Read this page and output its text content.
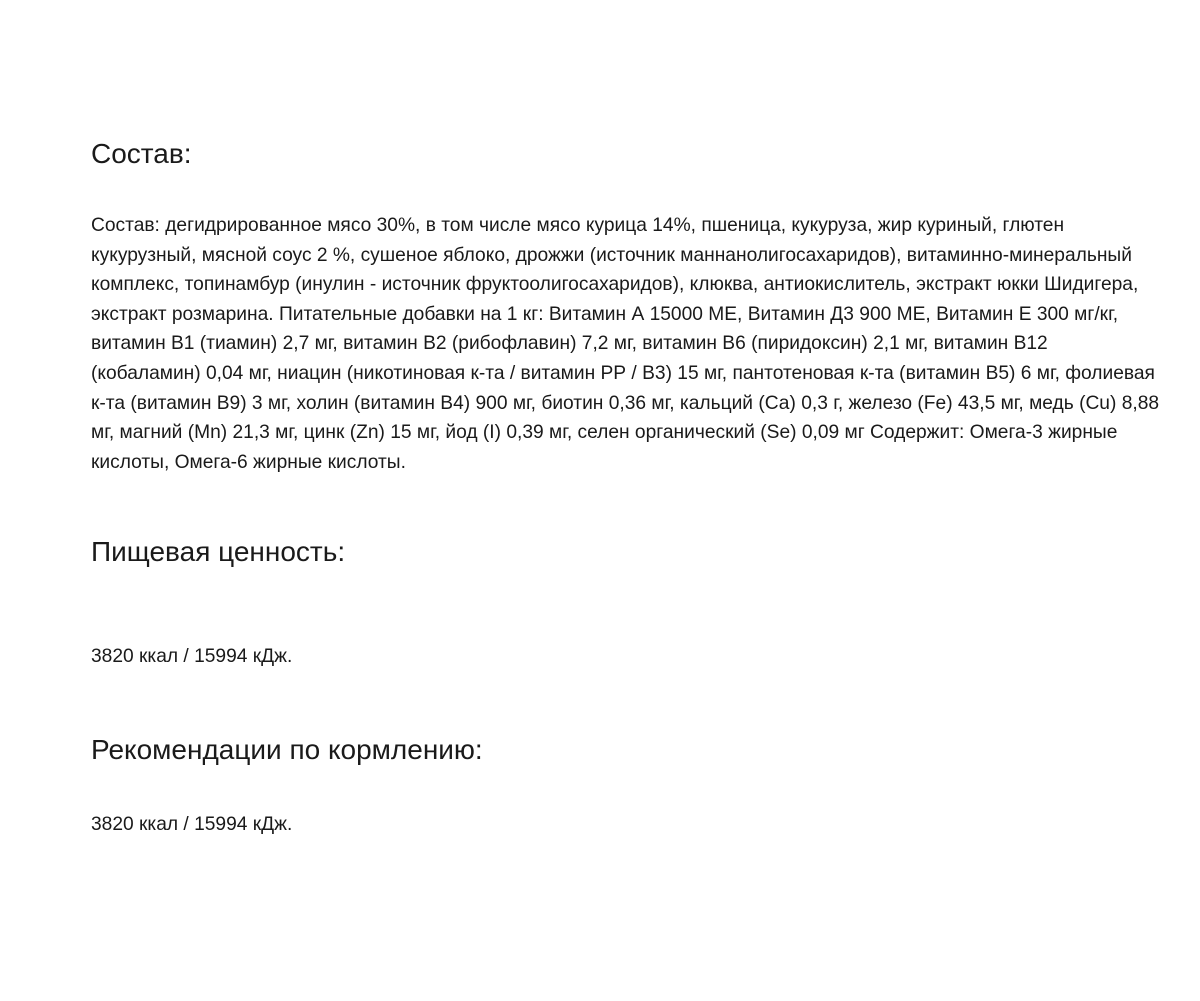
Состав:

Состав: дегидрированное мясо 30%, в том числе мясо курица 14%, пшеница, кукуруза, жир куриный, глютен кукурузный, мясной соус 2 %, сушеное яблоко, дрожжи (источник маннанолигосахаридов), витаминно-минеральный комплекс, топинамбур (инулин - источник фруктоолигосахаридов), клюква, антиокислитель, экстракт юкки Шидигера, экстракт розмарина. Питательные добавки на 1 кг: Витамин А 15000 МЕ, Витамин Д3 900 МЕ, Витамин Е 300 мг/кг, витамин В1 (тиамин) 2,7 мг, витамин В2 (рибофлавин) 7,2 мг, витамин В6 (пиридоксин) 2,1 мг, витамин В12 (кобаламин) 0,04 мг, ниацин (никотиновая к-та / витамин РР / В3) 15 мг, пантотеновая к-та (витамин В5) 6 мг, фолиевая к-та (витамин В9) 3 мг, холин (витамин В4) 900 мг, биотин 0,36 мг, кальций (Са) 0,3 г, железо (Fe) 43,5 мг, медь (Cu) 8,88 мг, магний (Mn) 21,3 мг, цинк (Zn) 15 мг, йод (I) 0,39 мг, селен органический (Se) 0,09 мг Содержит: Омега-3 жирные кислоты, Омега-6 жирные кислоты.

Пищевая ценность:

3820 ккал / 15994 кДж.

Рекомендации по кормлению:

3820 ккал / 15994 кДж.
